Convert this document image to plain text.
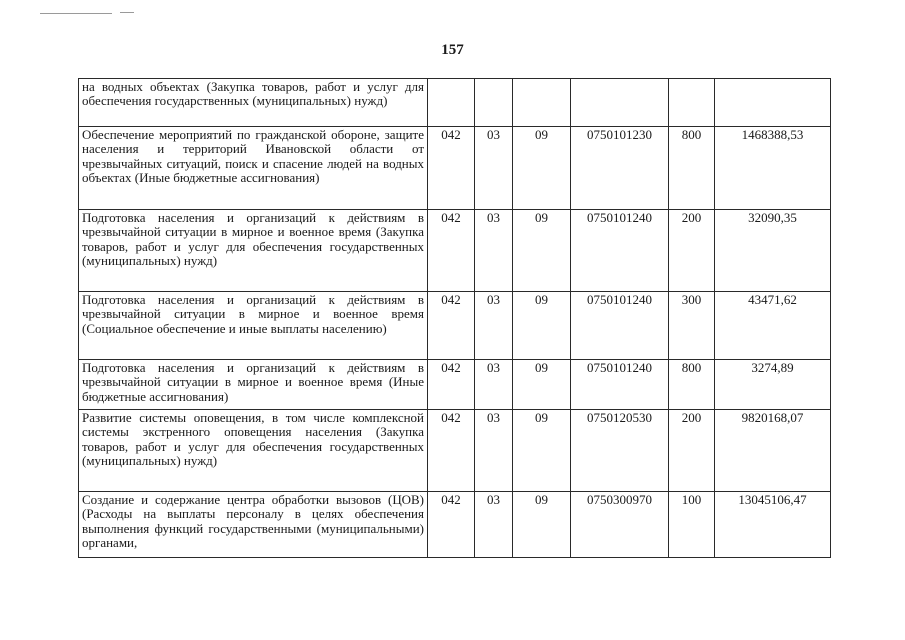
157
на водных объектах (Закупка товаров, работ и услуг для обеспечения государственных (муниципальных) нужд)						
Обеспечение мероприятий по гражданской обороне, защите населения и территорий Ивановской области от чрезвычайных ситуаций, поиск и спасение людей на водных объектах (Иные бюджетные ассигнования)	042	03	09	0750101230	800	1468388,53
Подготовка населения и организаций к действиям в чрезвычайной ситуации в мирное и военное время (Закупка товаров, работ и услуг для обеспечения государственных (муниципальных) нужд)	042	03	09	0750101240	200	32090,35
Подготовка населения и организаций к действиям в чрезвычайной ситуации в мирное и военное время (Социальное обеспечение и иные выплаты населению)	042	03	09	0750101240	300	43471,62
Подготовка населения и организаций к действиям в чрезвычайной ситуации в мирное и военное время (Иные бюджетные ассигнования)	042	03	09	0750101240	800	3274,89
Развитие системы оповещения, в том числе комплексной системы экстренного оповещения населения (Закупка товаров, работ и услуг для обеспечения государственных (муниципальных) нужд)	042	03	09	0750120530	200	9820168,07
Создание и содержание центра обработки вызовов (ЦОВ) (Расходы на выплаты персоналу в целях обеспечения выполнения функций государственными (муниципальными) органами,	042	03	09	0750300970	100	13045106,47
